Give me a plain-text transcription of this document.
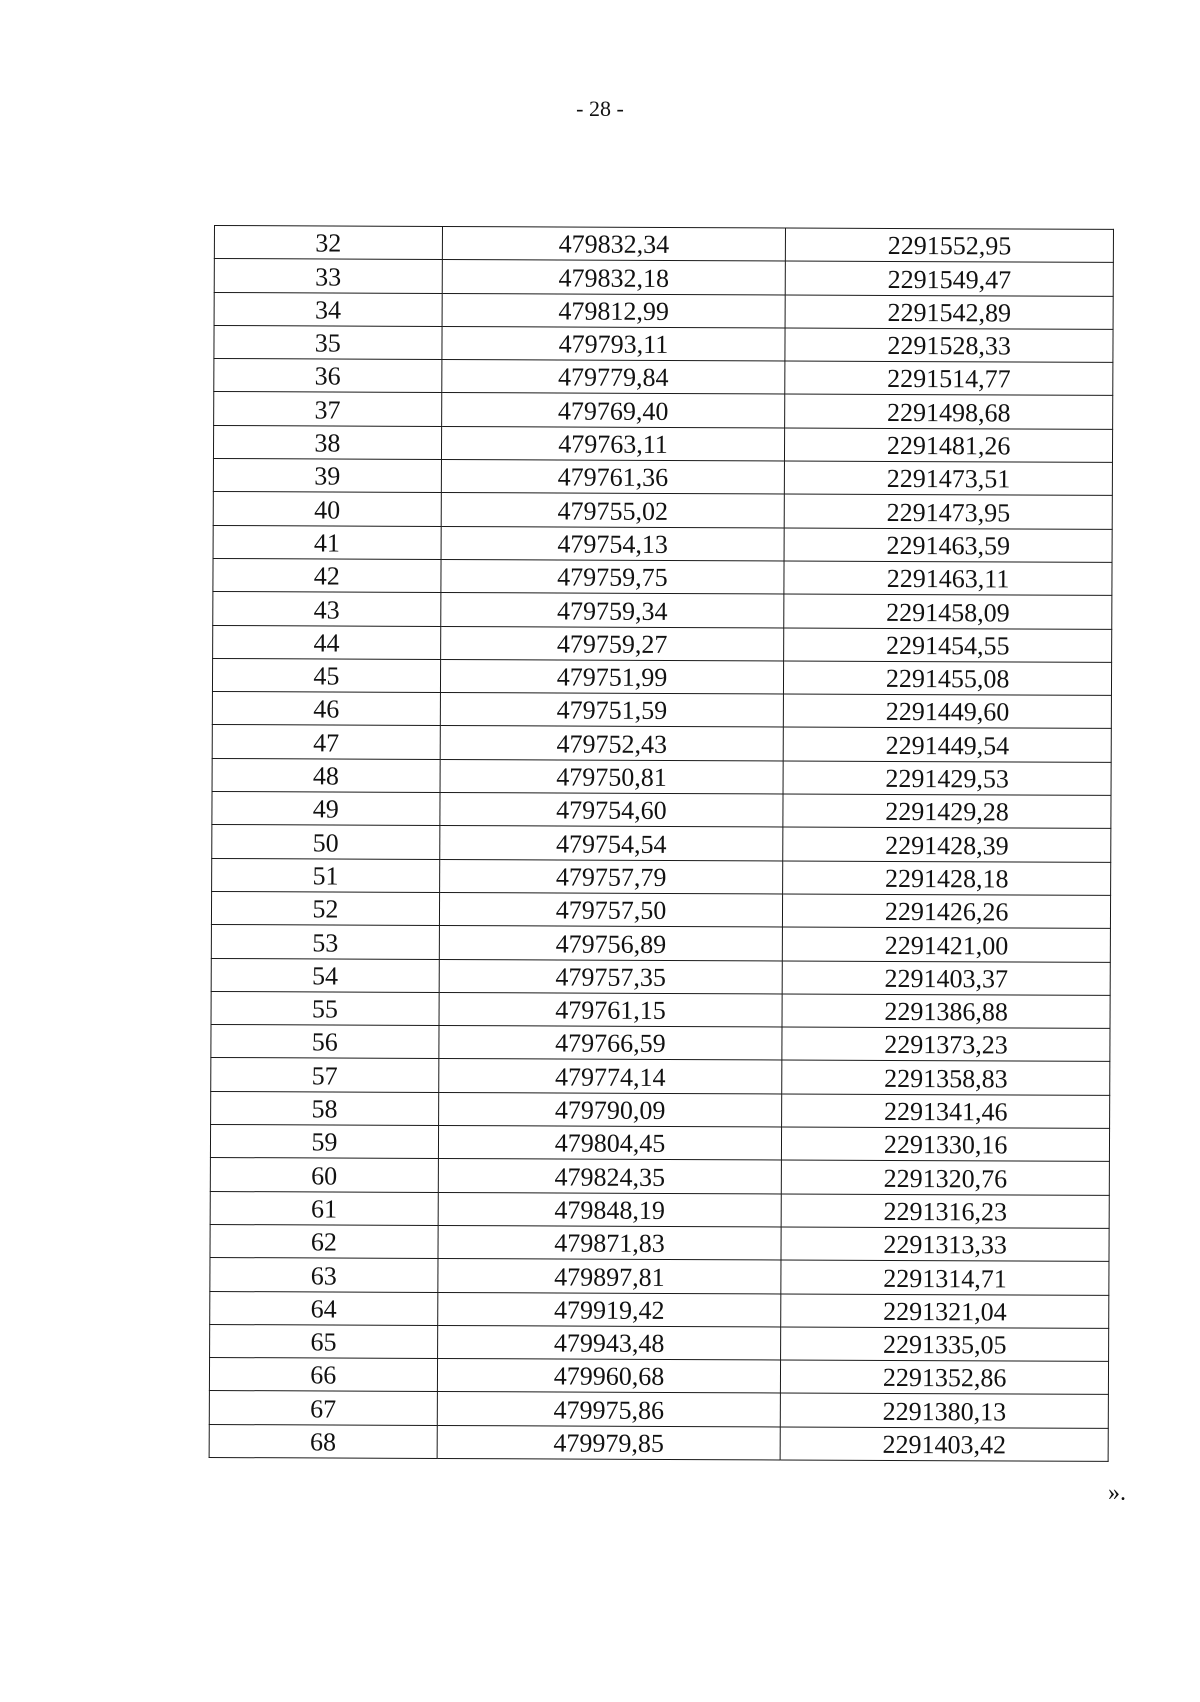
- 28 -
32	479832,34	2291552,95
33	479832,18	2291549,47
34	479812,99	2291542,89
35	479793,11	2291528,33
36	479779,84	2291514,77
37	479769,40	2291498,68
38	479763,11	2291481,26
39	479761,36	2291473,51
40	479755,02	2291473,95
41	479754,13	2291463,59
42	479759,75	2291463,11
43	479759,34	2291458,09
44	479759,27	2291454,55
45	479751,99	2291455,08
46	479751,59	2291449,60
47	479752,43	2291449,54
48	479750,81	2291429,53
49	479754,60	2291429,28
50	479754,54	2291428,39
51	479757,79	2291428,18
52	479757,50	2291426,26
53	479756,89	2291421,00
54	479757,35	2291403,37
55	479761,15	2291386,88
56	479766,59	2291373,23
57	479774,14	2291358,83
58	479790,09	2291341,46
59	479804,45	2291330,16
60	479824,35	2291320,76
61	479848,19	2291316,23
62	479871,83	2291313,33
63	479897,81	2291314,71
64	479919,42	2291321,04
65	479943,48	2291335,05
66	479960,68	2291352,86
67	479975,86	2291380,13
68	479979,85	2291403,42
».
